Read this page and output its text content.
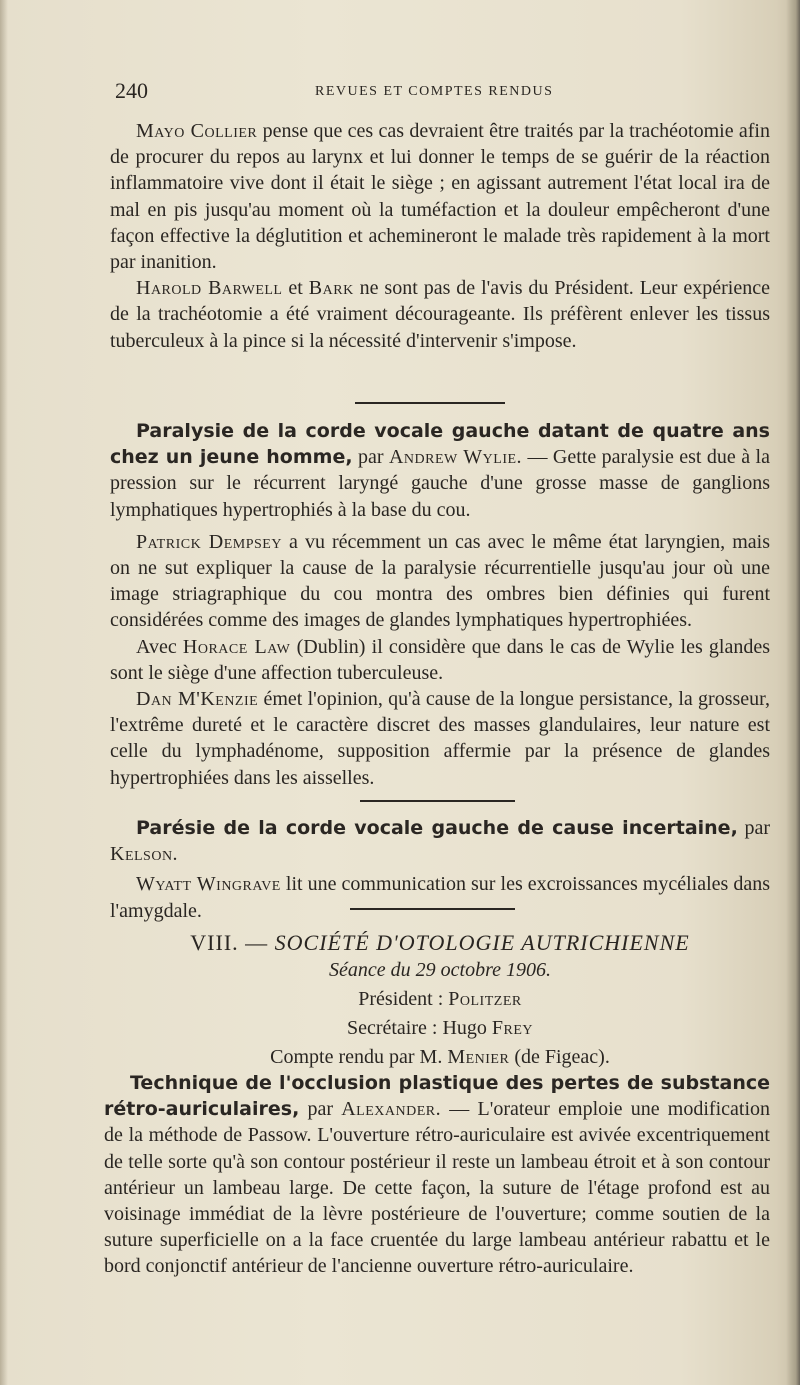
240	REVUES ET COMPTES RENDUS

Mayo Collier pense que ces cas devraient être traités par la trachéotomie afin de procurer du repos au larynx et lui donner le temps de se guérir de la réaction inflammatoire vive dont il était le siège ; en agissant autrement l'état local ira de mal en pis jusqu'au moment où la tuméfaction et la douleur empêcheront d'une façon effective la déglutition et achemineront le malade très rapidement à la mort par inanition.

Harold Barwell et Bark ne sont pas de l'avis du Président. Leur expérience de la trachéotomie a été vraiment décourageante. Ils préfèrent enlever les tissus tuberculeux à la pince si la nécessité d'intervenir s'impose.

Paralysie de la corde vocale gauche datant de quatre ans chez un jeune homme, par Andrew Wylie. — Gette paralysie est due à la pression sur le récurrent laryngé gauche d'une grosse masse de ganglions lymphatiques hypertrophiés à la base du cou.

Patrick Dempsey a vu récemment un cas avec le même état laryngien, mais on ne sut expliquer la cause de la paralysie récurrentielle jusqu'au jour où une image striagraphique du cou montra des ombres bien définies qui furent considérées comme des images de glandes lymphatiques hypertrophiées.

Avec Horace Law (Dublin) il considère que dans le cas de Wylie les glandes sont le siège d'une affection tuberculeuse.

Dan M'Kenzie émet l'opinion, qu'à cause de la longue persistance, la grosseur, l'extrême dureté et le caractère discret des masses glandulaires, leur nature est celle du lymphadénome, supposition affermie par la présence de glandes hypertrophiées dans les aisselles.

Parésie de la corde vocale gauche de cause incertaine, par Kelson.

Wyatt Wingrave lit une communication sur les excroissances mycéliales dans l'amygdale.

VIII. — SOCIÉTÉ D'OTOLOGIE AUTRICHIENNE
Séance du 29 octobre 1906.
Président : Politzer
Secrétaire : Hugo Frey
Compte rendu par M. Menier (de Figeac).

Technique de l'occlusion plastique des pertes de substance rétro-auriculaires, par Alexander. — L'orateur emploie une modification de la méthode de Passow. L'ouverture rétro-auriculaire est avivée excentriquement de telle sorte qu'à son contour postérieur il reste un lambeau étroit et à son contour antérieur un lambeau large. De cette façon, la suture de l'étage profond est au voisinage immédiat de la lèvre postérieure de l'ouverture; comme soutien de la suture superficielle on a la face cruentée du large lambeau antérieur rabattu et le bord conjonctif antérieur de l'ancienne ouverture rétro-auriculaire.
